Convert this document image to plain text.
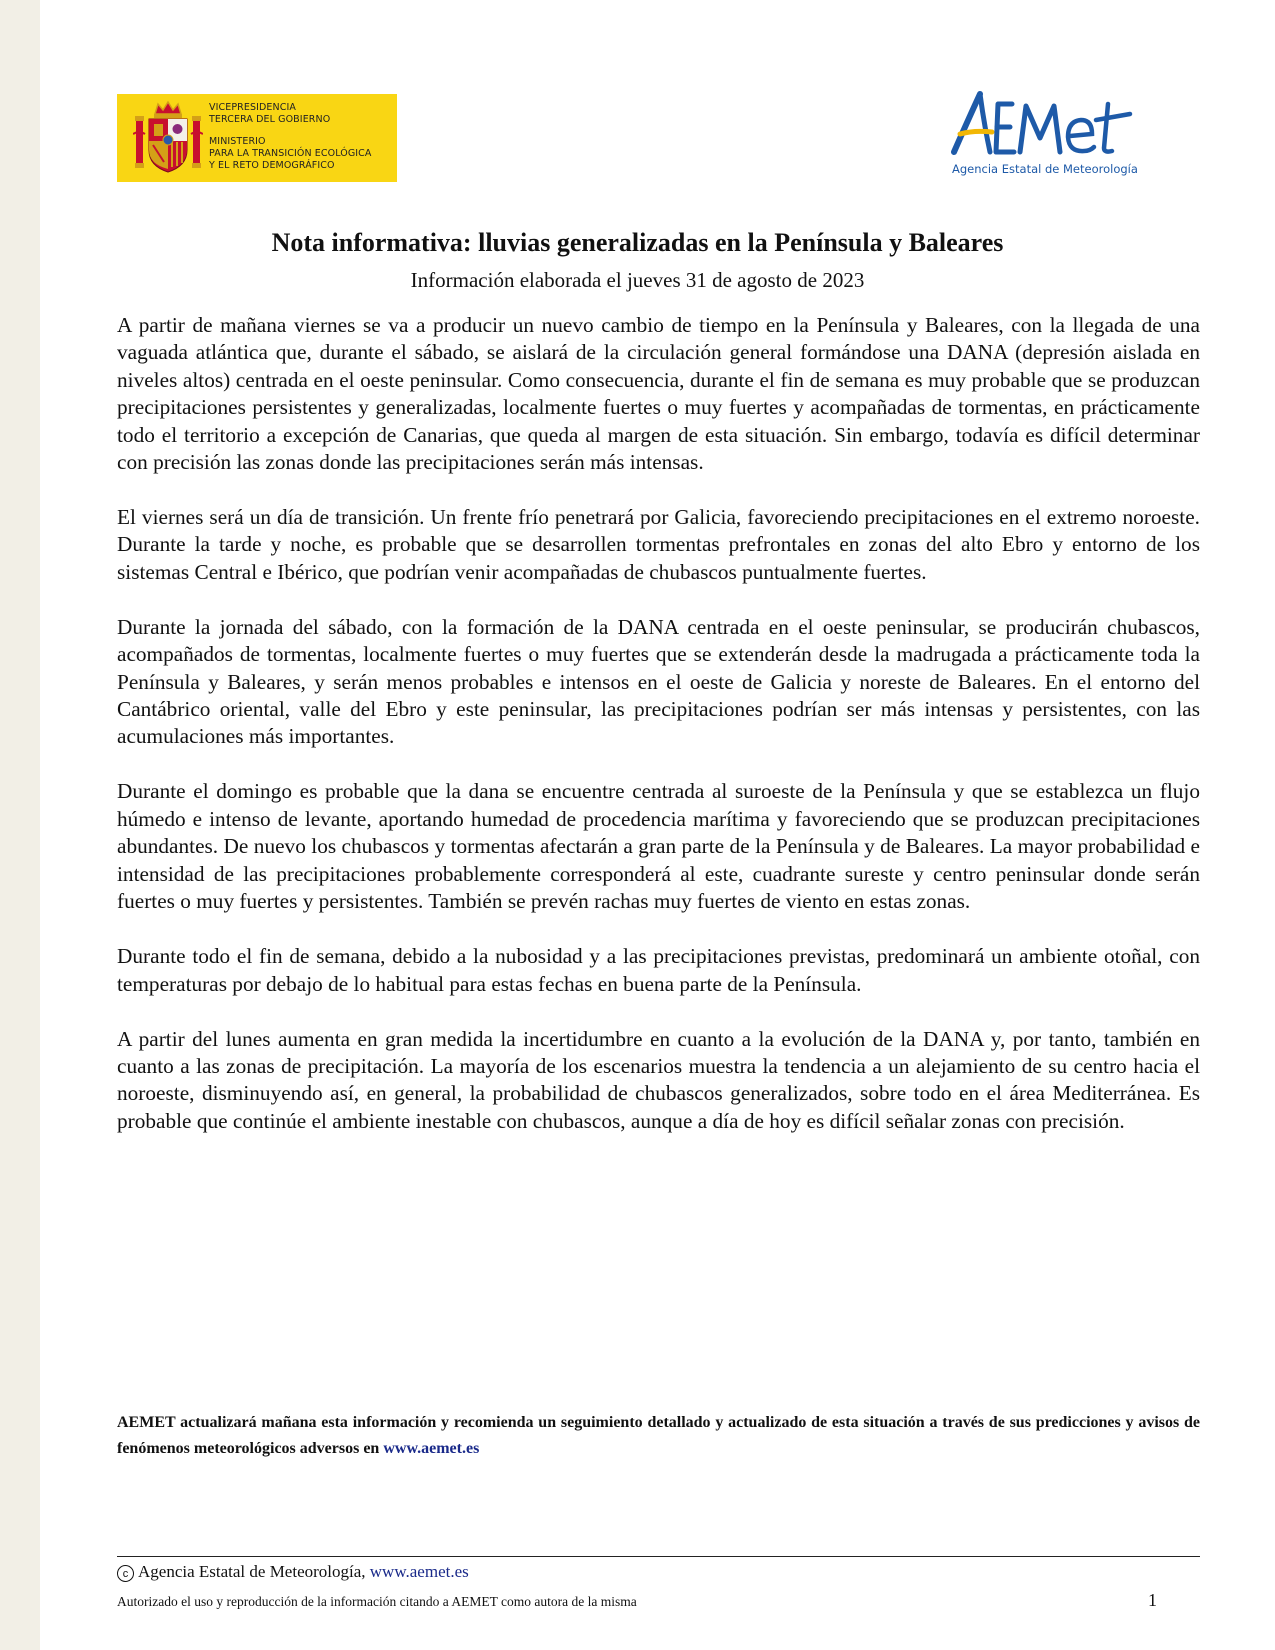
VICEPRESIDENCIA
TERCERA DEL GOBIERNO
MINISTERIO
PARA LA TRANSICIÓN ECOLÓGICA
Y EL RETO DEMOGRÁFICO	Agencia Estatal de Meteorología
Nota informativa: lluvias generalizadas en la Península y Baleares
Información elaborada el jueves 31 de agosto de 2023

A partir de mañana viernes se va a producir un nuevo cambio de tiempo en la Península y Baleares, con la llegada de una vaguada atlántica que, durante el sábado, se aislará de la circulación general formándose una DANA (depresión aislada en niveles altos) centrada en el oeste peninsular. Como consecuencia, durante el fin de semana es muy probable que se produzcan precipitaciones persistentes y generalizadas, localmente fuertes o muy fuertes y acompañadas de tormentas, en prácticamente todo el territorio a excepción de Canarias, que queda al margen de esta situación. Sin embargo, todavía es difícil determinar con precisión las zonas donde las precipitaciones serán más intensas.

El viernes será un día de transición. Un frente frío penetrará por Galicia, favoreciendo precipitaciones en el extremo noroeste. Durante la tarde y noche, es probable que se desarrollen tormentas prefrontales en zonas del alto Ebro y entorno de los sistemas Central e Ibérico, que podrían venir acompañadas de chubascos puntualmente fuertes.

Durante la jornada del sábado, con la formación de la DANA centrada en el oeste peninsular, se producirán chubascos, acompañados de tormentas, localmente fuertes o muy fuertes que se extenderán desde la madrugada a prácticamente toda la Península y Baleares, y serán menos probables e intensos en el oeste de Galicia y noreste de Baleares. En el entorno del Cantábrico oriental, valle del Ebro y este peninsular, las precipitaciones podrían ser más intensas y persistentes, con las acumulaciones más importantes.

Durante el domingo es probable que la dana se encuentre centrada al suroeste de la Península y que se establezca un flujo húmedo e intenso de levante, aportando humedad de procedencia marítima y favoreciendo que se produzcan precipitaciones abundantes. De nuevo los chubascos y tormentas afectarán a gran parte de la Península y de Baleares. La mayor probabilidad e intensidad de las precipitaciones probablemente corresponderá al este, cuadrante sureste y centro peninsular donde serán fuertes o muy fuertes y persistentes. También se prevén rachas muy fuertes de viento en estas zonas.

Durante todo el fin de semana, debido a la nubosidad y a las precipitaciones previstas, predominará un ambiente otoñal, con temperaturas por debajo de lo habitual para estas fechas en buena parte de la Península.

A partir del lunes aumenta en gran medida la incertidumbre en cuanto a la evolución de la DANA y, por tanto, también en cuanto a las zonas de precipitación. La mayoría de los escenarios muestra la tendencia a un alejamiento de su centro hacia el noroeste, disminuyendo así, en general, la probabilidad de chubascos generalizados, sobre todo en el área Mediterránea. Es probable que continúe el ambiente inestable con chubascos, aunque a día de hoy es difícil señalar zonas con precisión.

AEMET actualizará mañana esta información y recomienda un seguimiento detallado y actualizado de esta situación a través de sus predicciones y avisos de fenómenos meteorológicos adversos en www.aemet.es
c Agencia Estatal de Meteorología, www.aemet.es
Autorizado el uso y reproducción de la información citando a AEMET como autora de la misma	1
